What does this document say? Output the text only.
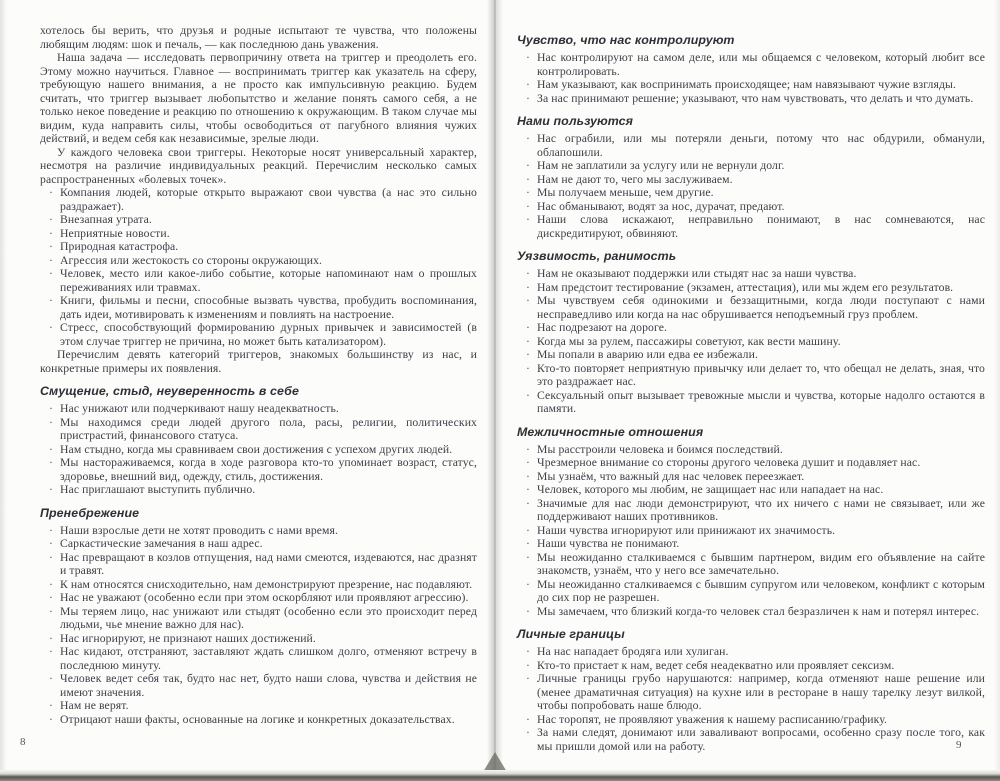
хотелось бы верить, что друзья и родные испытают те чувства, что положены любящим людям: шок и печаль, — как последнюю дань уважения.

Наша задача — исследовать первопричину ответа на триггер и преодолеть его. Этому можно научиться. Главное — воспринимать триггер как указатель на сферу, требующую нашего внимания, а не просто как импульсивную реакцию. Будем считать, что триггер вызывает любопытство и желание понять самого себя, а не только некое поведение и реакцию по отношению к окружающим. В таком случае мы видим, куда направить силы, чтобы освободиться от пагубного влияния чужих действий, и ведем себя как независимые, зрелые люди.

У каждого человека свои триггеры. Некоторые носят универсальный характер, несмотря на различие индивидуальных реакций. Перечислим несколько самых распространенных «болевых точек».

· Компания людей, которые открыто выражают свои чувства (а нас это сильно раздражает).
· Внезапная утрата.
· Неприятные новости.
· Природная катастрофа.
· Агрессия или жестокость со стороны окружающих.
· Человек, место или какое-либо событие, которые напоминают нам о прошлых переживаниях или травмах.
· Книги, фильмы и песни, способные вызвать чувства, пробудить воспоминания, дать идеи, мотивировать к изменениям и повлиять на настроение.
· Стресс, способствующий формированию дурных привычек и зависимостей (в этом случае триггер не причина, но может быть катализатором).

Перечислим девять категорий триггеров, знакомых большинству из нас, и конкретные примеры их появления.

Смущение, стыд, неуверенность в себе
· Нас унижают или подчеркивают нашу неадекватность.
· Мы находимся среди людей другого пола, расы, религии, политических пристрастий, финансового статуса.
· Нам стыдно, когда мы сравниваем свои достижения с успехом других людей.
· Мы настораживаемся, когда в ходе разговора кто-то упоминает возраст, статус, здоровье, внешний вид, одежду, стиль, достижения.
· Нас приглашают выступить публично.
Пренебрежение
· Наши взрослые дети не хотят проводить с нами время.
· Саркастические замечания в наш адрес.
· Нас превращают в козлов отпущения, над нами смеются, издеваются, нас дразнят и травят.
· К нам относятся снисходительно, нам демонстрируют презрение, нас подавляют.
· Нас не уважают (особенно если при этом оскорбляют или проявляют агрессию).
· Мы теряем лицо, нас унижают или стыдят (особенно если это происходит перед людьми, чье мнение важно для нас).
· Нас игнорируют, не признают наших достижений.
· Нас кидают, отстраняют, заставляют ждать слишком долго, отменяют встречу в последнюю минуту.
· Человек ведет себя так, будто нас нет, будто наши слова, чувства и действия не имеют значения.
· Нам не верят.
· Отрицают наши факты, основанные на логике и конкретных доказательствах.
Чувство, что нас контролируют
· Нас контролируют на самом деле, или мы общаемся с человеком, который любит все контролировать.
· Нам указывают, как воспринимать происходящее; нам навязывают чужие взгляды.
· За нас принимают решение; указывают, что нам чувствовать, что делать и что думать.
Нами пользуются
· Нас ограбили, или мы потеряли деньги, потому что нас обдурили, обманули, облапошили.
· Нам не заплатили за услугу или не вернули долг.
· Нам не дают то, чего мы заслуживаем.
· Мы получаем меньше, чем другие.
· Нас обманывают, водят за нос, дурачат, предают.
· Наши слова искажают, неправильно понимают, в нас сомневаются, нас дискредитируют, обвиняют.
Уязвимость, ранимость
· Нам не оказывают поддержки или стыдят нас за наши чувства.
· Нам предстоит тестирование (экзамен, аттестация), или мы ждем его результатов.
· Мы чувствуем себя одинокими и беззащитными, когда люди поступают с нами несправедливо или когда на нас обрушивается неподъемный груз проблем.
· Нас подрезают на дороге.
· Когда мы за рулем, пассажиры советуют, как вести машину.
· Мы попали в аварию или едва ее избежали.
· Кто-то повторяет неприятную привычку или делает то, что обещал не делать, зная, что это раздражает нас.
· Сексуальный опыт вызывает тревожные мысли и чувства, которые надолго остаются в памяти.
Межличностные отношения
· Мы расстроили человека и боимся последствий.
· Чрезмерное внимание со стороны другого человека душит и подавляет нас.
· Мы узнаём, что важный для нас человек переезжает.
· Человек, которого мы любим, не защищает нас или нападает на нас.
· Значимые для нас люди демонстрируют, что их ничего с нами не связывает, или же поддерживают наших противников.
· Наши чувства игнорируют или принижают их значимость.
· Наши чувства не понимают.
· Мы неожиданно сталкиваемся с бывшим партнером, видим его объявление на сайте знакомств, узнаём, что у него все замечательно.
· Мы неожиданно сталкиваемся с бывшим супругом или человеком, конфликт с которым до сих пор не разрешен.
· Мы замечаем, что близкий когда-то человек стал безразличен к нам и потерял интерес.
Личные границы
· На нас нападает бродяга или хулиган.
· Кто-то пристает к нам, ведет себя неадекватно или проявляет сексизм.
· Личные границы грубо нарушаются: например, когда отменяют наше решение или (менее драматичная ситуация) на кухне или в ресторане в нашу тарелку лезут вилкой, чтобы попробовать наше блюдо.
· Нас торопят, не проявляют уважения к нашему расписанию/графику.
· За нами следят, донимают или заваливают вопросами, особенно сразу после того, как мы пришли домой или на работу.
8	9
